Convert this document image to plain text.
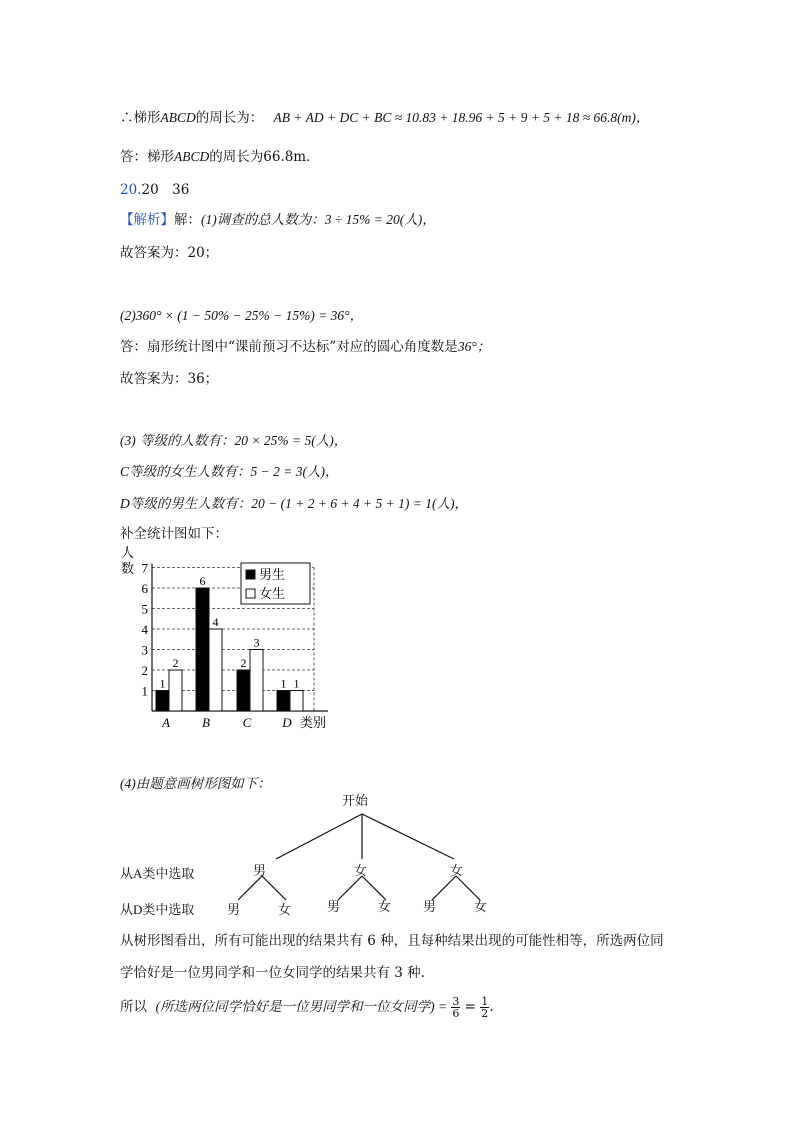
∴梯形ABCD的周长为： AB + AD + DC + BC ≈ 10.83 + 18.96 + 5 + 9 + 5 + 18 ≈ 66.8(m)，
答：梯形ABCD的周长为66.8m．
20.20　36
【解析】解：(1)调查的总人数为：3 ÷ 15% = 20(人)，
故答案为：20；
(2)360° × (1 − 50% − 25% − 15%) = 36°，
答：扇形统计图中“课前预习不达标”对应的圆心角度数是36°；
故答案为：36；
(3) 等级的人数有：20 × 25% = 5(人)，
C等级的女生人数有：5 − 2 = 3(人)，
D等级的男生人数有：20 − (1 + 2 + 6 + 4 + 5 + 1) = 1(人)，
补全统计图如下：
1
2
3
4
5
6
7
人
数
1
2
A
6
4
B
2
3
C
1 1
D 类别
男生
女生
(4)由题意画树形图如下：
开始
从A类中选取
从D类中选取
男	女	女
男	女	男	女 男	女
从树形图看出，所有可能出现的结果共有 6 种，且每种结果出现的可能性相等，所选两位同
学恰好是一位男同学和一位女同学的结果共有 3 种.
所以 (所选两位同学恰好是一位男同学和一位女同学) = $\frac{3}{6} = \frac{1}{2}$ .
